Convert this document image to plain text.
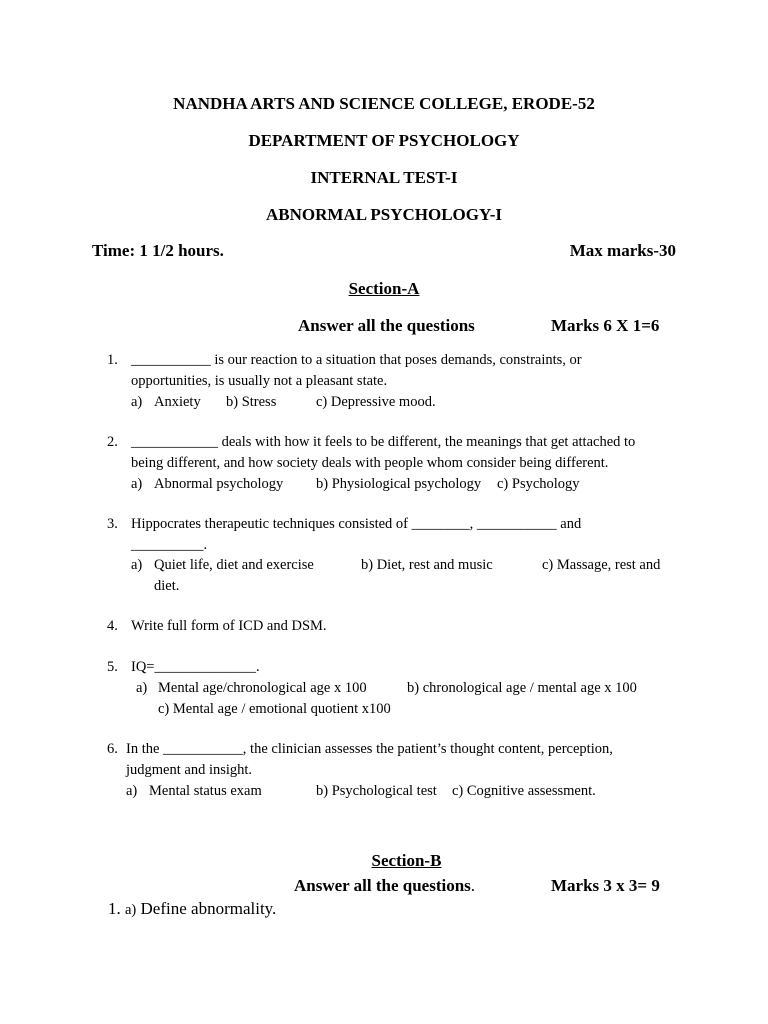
NANDHA ARTS AND SCIENCE COLLEGE, ERODE-52
DEPARTMENT OF PSYCHOLOGY
INTERNAL TEST-I
ABNORMAL PSYCHOLOGY-I
Time: 1 1/2 hours.	Max marks-30
Section-A
Answer all the questions	Marks 6 X 1=6
1. ___________ is our reaction to a situation that poses demands, constraints, or
opportunities, is usually not a pleasant state.
a) Anxiety b) Stress	c) Depressive mood.
2. ____________ deals with how it feels to be different, the meanings that get attached to
being different, and how society deals with people whom consider being different.
a) Abnormal psychology b) Physiological psychology c) Psychology
3. Hippocrates therapeutic techniques consisted of ________, ___________ and
__________.
a) Quiet life, diet and exercise	b) Diet, rest and music	c) Massage, rest and
diet.
4. Write full form of ICD and DSM.
5. IQ=______________.
a) Mental age/chronological age x 100	b) chronological age / mental age x 100
c) Mental age / emotional quotient x100
6. In the ___________, the clinician assesses the patient’s thought content, perception,
judgment and insight.
a) Mental status exam	b) Psychological test c) Cognitive assessment.
Section-B
Answer all the questions.	Marks 3 x 3= 9
1. a) Define abnormality.
